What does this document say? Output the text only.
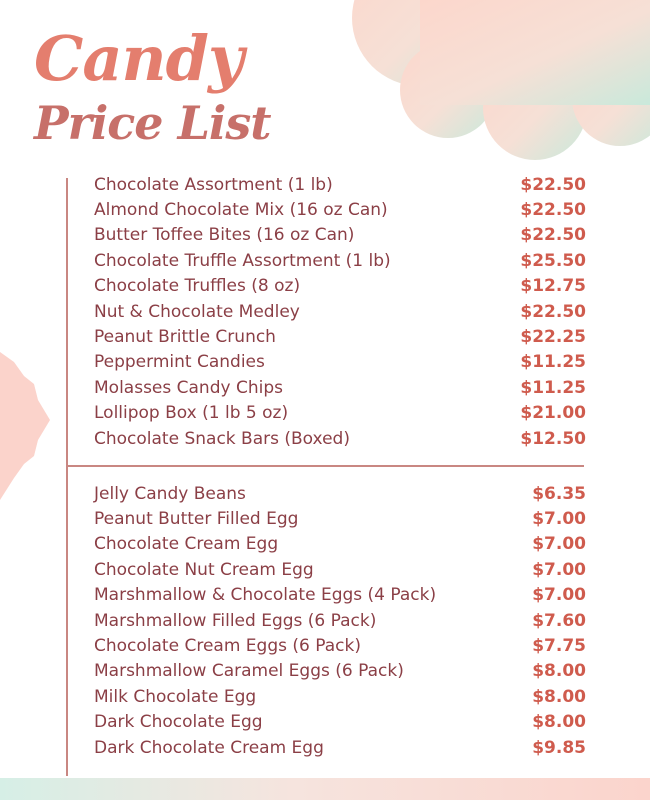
Candy
Price List
Chocolate Assortment (1 lb)	$22.50
Almond Chocolate Mix (16 oz Can)	$22.50
Butter Toffee Bites (16 oz Can)	$22.50
Chocolate Truffle Assortment (1 lb)	$25.50
Chocolate Truffles (8 oz)	$12.75
Nut & Chocolate Medley	$22.50
Peanut Brittle Crunch	$22.25
Peppermint Candies	$11.25
Molasses Candy Chips	$11.25
Lollipop Box (1 lb 5 oz)	$21.00
Chocolate Snack Bars (Boxed)	$12.50
Jelly Candy Beans	$6.35
Peanut Butter Filled Egg	$7.00
Chocolate Cream Egg	$7.00
Chocolate Nut Cream Egg	$7.00
Marshmallow & Chocolate Eggs (4 Pack)	$7.00
Marshmallow Filled Eggs (6 Pack)	$7.60
Chocolate Cream Eggs (6 Pack)	$7.75
Marshmallow Caramel Eggs (6 Pack)	$8.00
Milk Chocolate Egg	$8.00
Dark Chocolate Egg	$8.00
Dark Chocolate Cream Egg	$9.85
